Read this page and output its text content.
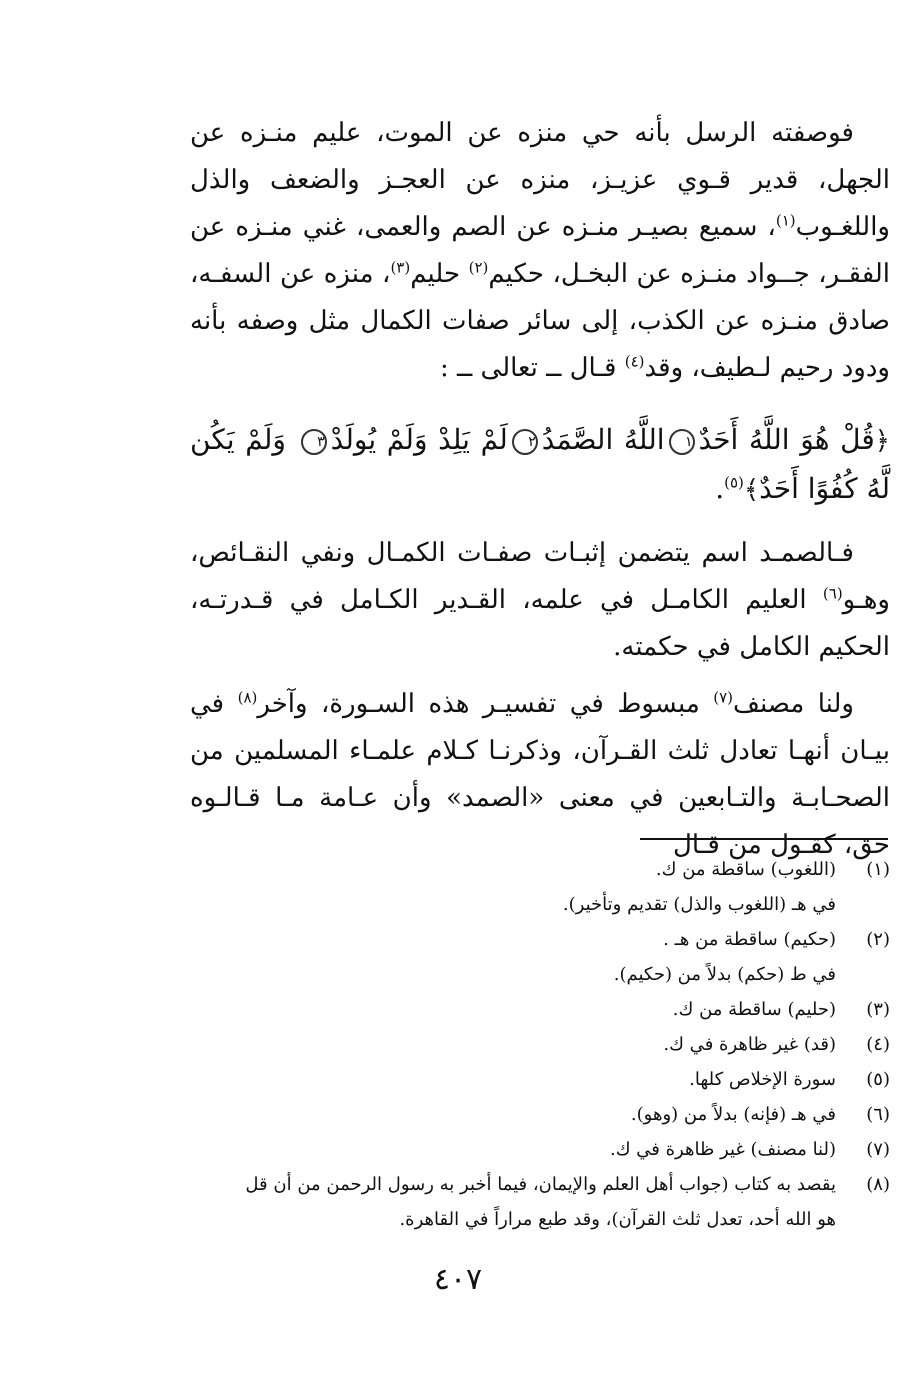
فوصفته الرسل بأنه حي منزه عن الموت، عليم منـزه عن الجهل، قدير قـوي عزيـز، منزه عن العجـز والضعف والذل واللغـوب$^{(١)}$، سميع بصيـر منـزه عن الصم والعمى، غني منـزه عن الفقـر، جــواد منـزه عن البخـل، حكيم$^{(٢)}$ حليم$^{(٣)}$، منزه عن السفـه، صادق منـزه عن الكذب، إلى سائر صفات الكمال مثل وصفه بأنه ودود رحيم لـطيف، وقد$^{(٤)}$ قـال ــ تعالى ــ :

﴿قُلْ هُوَ اللَّهُ أَحَدٌ١اللَّهُ الصَّمَدُ٢لَمْ يَلِدْ وَلَمْ يُولَدْ٣ وَلَمْ يَكُن لَّهُ كُفُوًا أَحَدٌ﴾$^{(٥)}$.

فـالصمـد اسم يتضمن إثبـات صفـات الكمـال ونفي النقـائص، وهـو$^{(٦)}$ العليم الكامـل في علمه، القـدير الكـامل في قـدرتـه، الحكيم الكامل في حكمته.

ولنا مصنف$^{(٧)}$ مبسوط في تفسيـر هذه السـورة، وآخر$^{(٨)}$ في بيـان أنهـا تعادل ثلث القـرآن، وذكرنـا كـلام علمـاء المسلمين من الصحـابـة والتـابعين في معنى «الصمد» وأن عـامة مـا قـالـوه حق، كقـول من قـال

(١)
(اللغوب) ساقطة من ك.
في هـ (اللغوب والذل) تقديم وتأخير).
(٢)
(حكيم) ساقطة من هـ .
في ط (حكم) بدلاً من (حكيم).
(٣)
(حليم) ساقطة من ك.
(٤)
(قد) غير ظاهرة في ك.
(٥)
سورة الإخلاص كلها.
(٦)
في هـ (فإنه) بدلاً من (وهو).
(٧)
(لنا مصنف) غير ظاهرة في ك.
(٨)
يقصد به كتاب (جواب أهل العلم والإيمان، فيما أخبر به رسول الرحمن من أن قل
هو الله أحد، تعدل ثلث القرآن)، وقد طبع مراراً في القاهرة.
٤٠٧
